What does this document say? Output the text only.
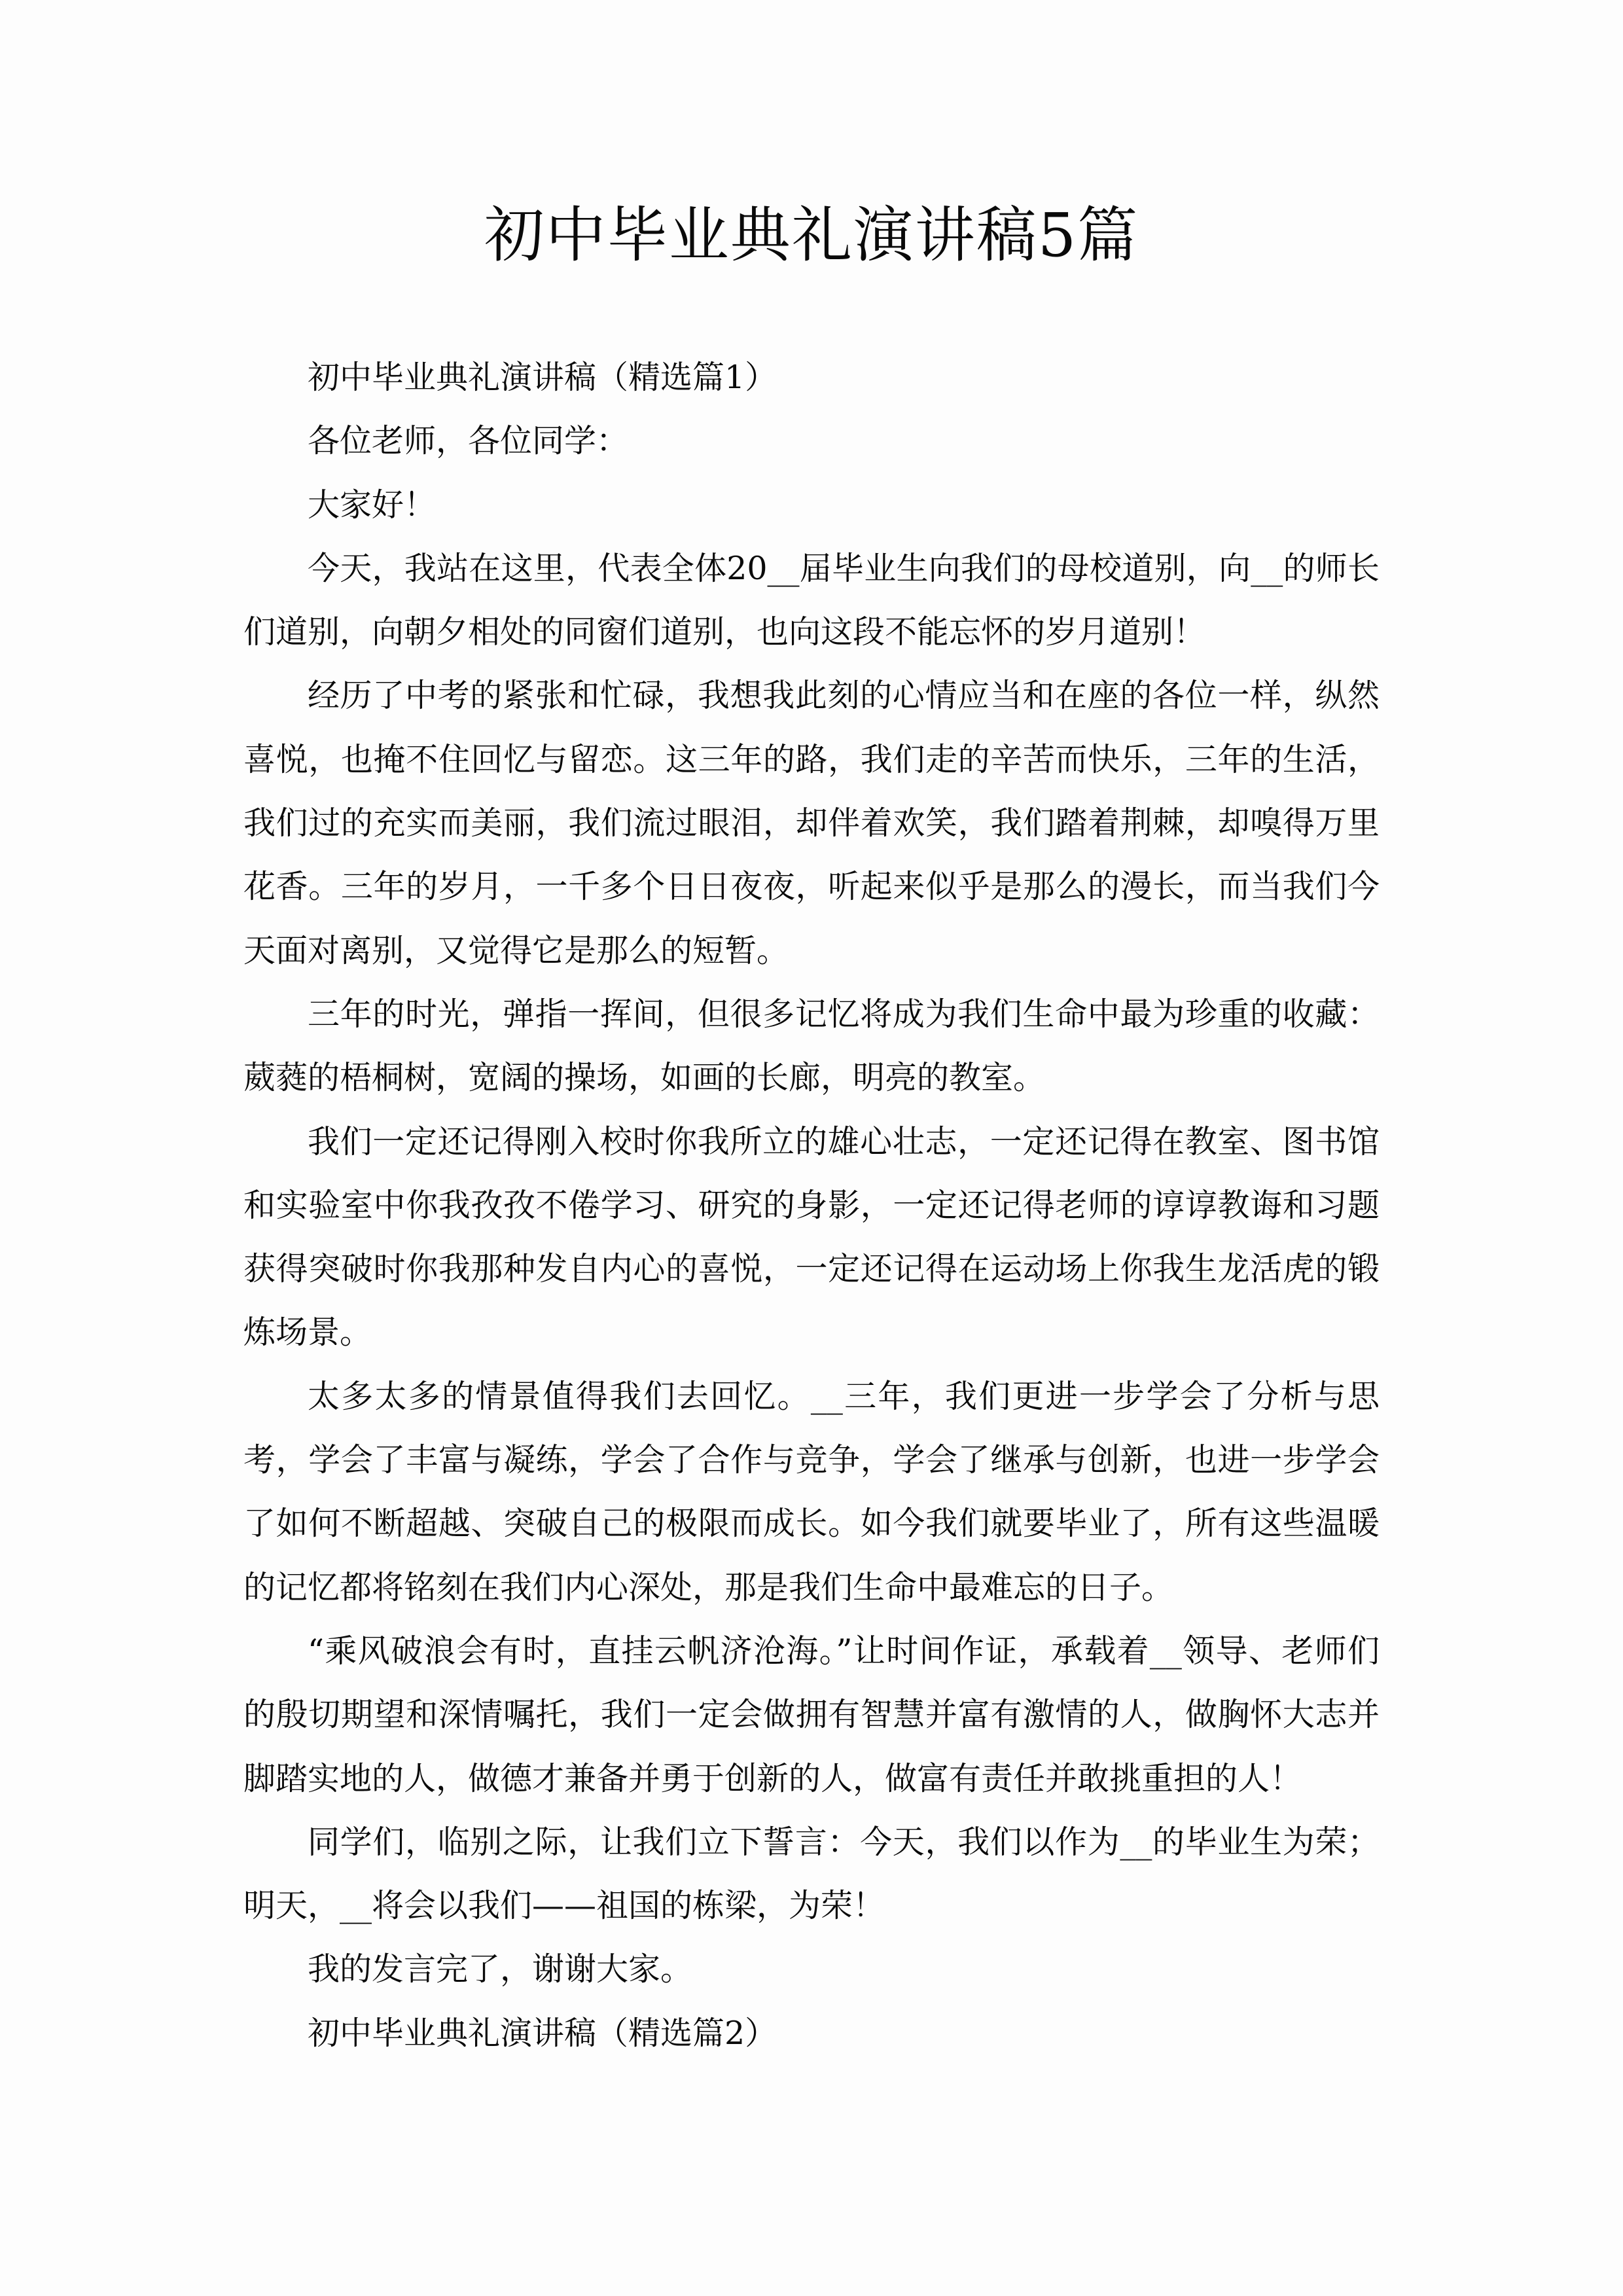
初中毕业典礼演讲稿5篇

初中毕业典礼演讲稿（精选篇1）

各位老师，各位同学：

大家好！

今天，我站在这里，代表全体20__届毕业生向我们的母校道别，向__的师长们道别，向朝夕相处的同窗们道别，也向这段不能忘怀的岁月道别！

经历了中考的紧张和忙碌，我想我此刻的心情应当和在座的各位一样，纵然喜悦，也掩不住回忆与留恋。这三年的路，我们走的辛苦而快乐，三年的生活，我们过的充实而美丽，我们流过眼泪，却伴着欢笑，我们踏着荆棘，却嗅得万里花香。三年的岁月，一千多个日日夜夜，听起来似乎是那么的漫长，而当我们今天面对离别，又觉得它是那么的短暂。

三年的时光，弹指一挥间，但很多记忆将成为我们生命中最为珍重的收藏：葳蕤的梧桐树，宽阔的操场，如画的长廊，明亮的教室。

我们一定还记得刚入校时你我所立的雄心壮志，一定还记得在教室、图书馆和实验室中你我孜孜不倦学习、研究的身影，一定还记得老师的谆谆教诲和习题获得突破时你我那种发自内心的喜悦，一定还记得在运动场上你我生龙活虎的锻炼场景。

太多太多的情景值得我们去回忆。__三年，我们更进一步学会了分析与思考，学会了丰富与凝练，学会了合作与竞争，学会了继承与创新，也进一步学会了如何不断超越、突破自己的极限而成长。如今我们就要毕业了，所有这些温暖的记忆都将铭刻在我们内心深处，那是我们生命中最难忘的日子。

“乘风破浪会有时，直挂云帆济沧海。”让时间作证，承载着__领导、老师们的殷切期望和深情嘱托，我们一定会做拥有智慧并富有激情的人，做胸怀大志并脚踏实地的人，做德才兼备并勇于创新的人，做富有责任并敢挑重担的人！

同学们，临别之际，让我们立下誓言：今天，我们以作为__的毕业生为荣；明天，__将会以我们——祖国的栋梁，为荣！

我的发言完了，谢谢大家。

初中毕业典礼演讲稿（精选篇2）
